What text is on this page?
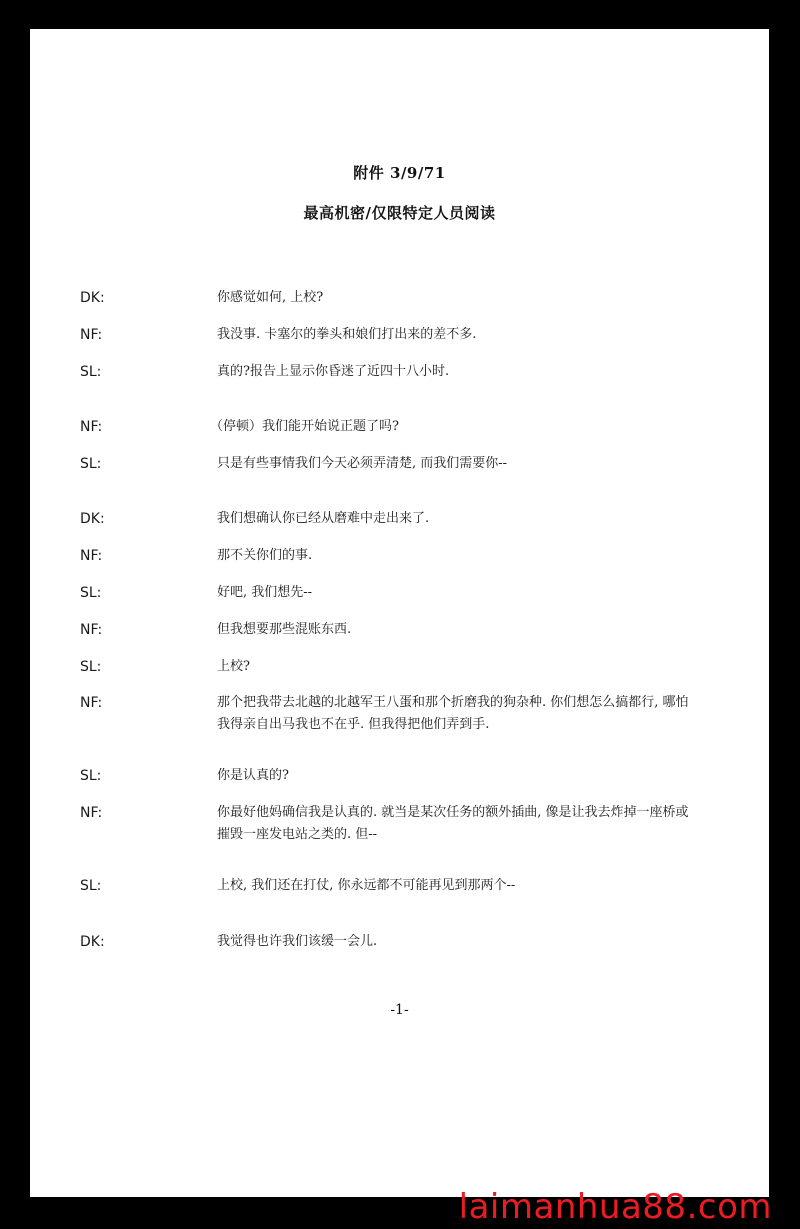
附件 3/9/71
最高机密/仅限特定人员阅读
DK:	你感觉如何, 上校?
NF:	我没事. 卡塞尔的拳头和娘们打出来的差不多.
SL:	真的?报告上显示你昏迷了近四十八小时.
NF:	（停顿）我们能开始说正题了吗?
SL:	只是有些事情我们今天必须弄清楚, 而我们需要你--
DK:	我们想确认你已经从磨难中走出来了.
NF:	那不关你们的事.
SL:	好吧, 我们想先--
NF:	但我想要那些混账东西.
SL:	上校?
NF:	那个把我带去北越的北越军王八蛋和那个折磨我的狗杂种. 你们想怎么搞都行, 哪怕我得亲自出马我也不在乎. 但我得把他们弄到手.
SL:	你是认真的?
NF:	你最好他妈确信我是认真的. 就当是某次任务的额外插曲, 像是让我去炸掉一座桥或摧毁一座发电站之类的. 但--
SL:	上校, 我们还在打仗, 你永远都不可能再见到那两个--
DK:	我觉得也许我们该缓一会儿.
-1-
laimanhua88.com
